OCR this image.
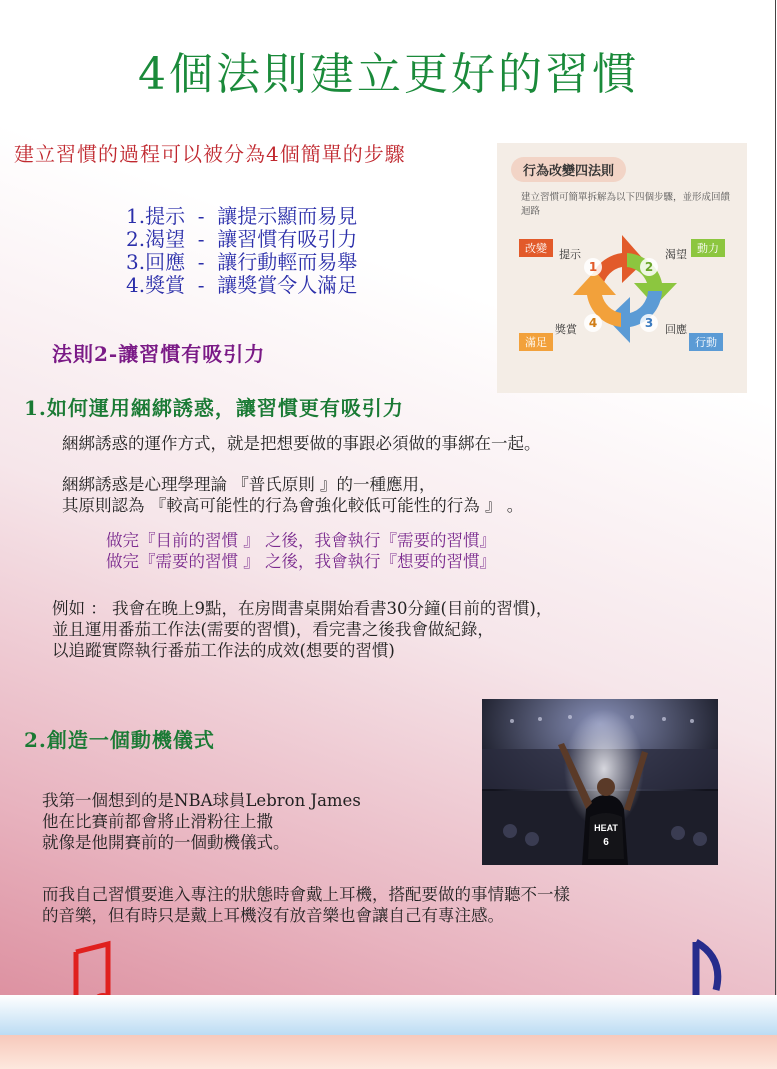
4個法則建立更好的習慣
建立習慣的過程可以被分為4個簡單的步驟
1.提示  -  讓提示顯而易見
2.渴望  -  讓習慣有吸引力
3.回應  -  讓行動輕而易舉
4.獎賞  -  讓獎賞令人滿足
行為改變四法則
建立習慣可簡單拆解為以下四個步驟，並形成回饋迴路
1	2
3
4
提示	渴望
回應
獎賞
改變	動力
行動
滿足
法則2-讓習慣有吸引力
1.如何運用綑綁誘惑，讓習慣更有吸引力
綑綁誘惑的運作方式，就是把想要做的事跟必須做的事綁在一起。
綑綁誘惑是心理學理論 『普氏原則 』的一種應用，
其原則認為 『較高可能性的行為會強化較低可能性的行為 』 。
做完『目前的習慣 』 之後，我會執行『需要的習慣』
做完『需要的習慣 』 之後，我會執行『想要的習慣』
例如 ： 我會在晚上9點，在房間書桌開始看書30分鐘(目前的習慣)，
並且運用番茄工作法(需要的習慣)，看完書之後我會做紀錄，
以追蹤實際執行番茄工作法的成效(想要的習慣)
2.創造一個動機儀式
我第一個想到的是NBA球員Lebron James
他在比賽前都會將止滑粉往上撒
就像是他開賽前的一個動機儀式。
HEAT
6
而我自己習慣要進入專注的狀態時會戴上耳機，搭配要做的事情聽不一樣
的音樂，但有時只是戴上耳機沒有放音樂也會讓自己有專注感。
